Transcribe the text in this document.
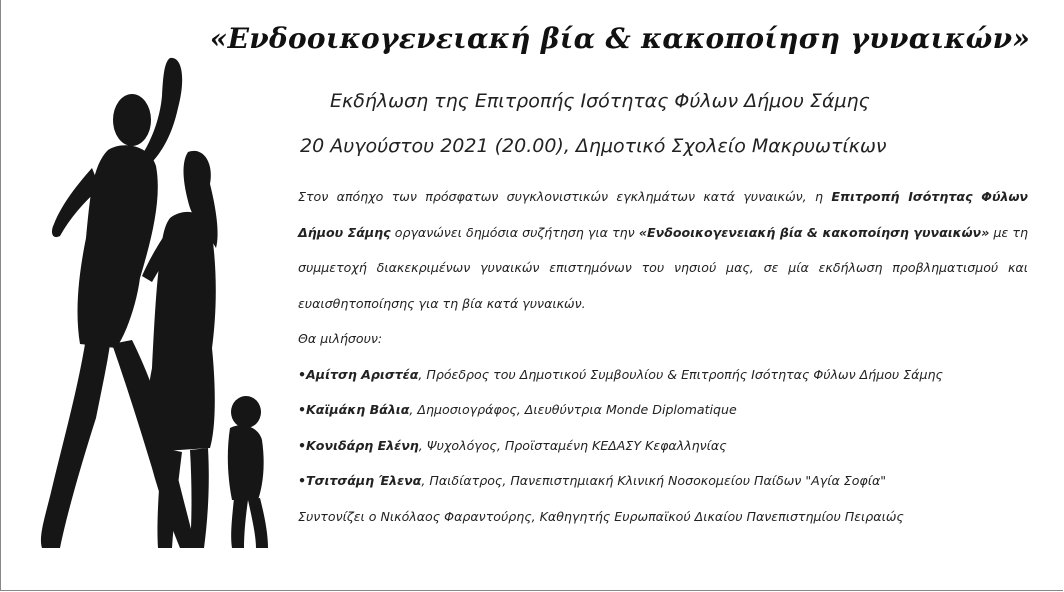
«Ενδοοικογενειακή βία & κακοποίηση γυναικών»
Εκδήλωση της Επιτροπής Ισότητας Φύλων Δήμου Σάμης
20 Αυγούστου 2021 (20.00), Δημοτικό Σχολείο Μακρυωτίκων

Στον απόηχο των πρόσφατων συγκλονιστικών εγκλημάτων κατά γυναικών, η Επιτροπή Ισότητας Φύλων Δήμου Σάμης οργανώνει δημόσια συζήτηση για την «Ενδοοικογενειακή βία & κακοποίηση γυναικών» με τη συμμετοχή διακεκριμένων γυναικών επιστημόνων του νησιού μας, σε μία εκδήλωση προβληματισμού και ευαισθητοποίησης για τη βία κατά γυναικών.

Θα μιλήσουν:

•Αμίτση Αριστέα, Πρόεδρος του Δημοτικού Συμβουλίου & Επιτροπής Ισότητας Φύλων Δήμου Σάμης

•Καϊμάκη Βάλια, Δημοσιογράφος, Διευθύντρια Monde Diplomatique

•Κονιδάρη Ελένη, Ψυχολόγος, Προϊσταμένη ΚΕΔΑΣΥ Κεφαλληνίας

•Τσιτσάμη Έλενα, Παιδίατρος, Πανεπιστημιακή Κλινική Νοσοκομείου Παίδων "Αγία Σοφία"

Συντονίζει ο Νικόλαος Φαραντούρης, Καθηγητής Ευρωπαϊκού Δικαίου Πανεπιστημίου Πειραιώς
